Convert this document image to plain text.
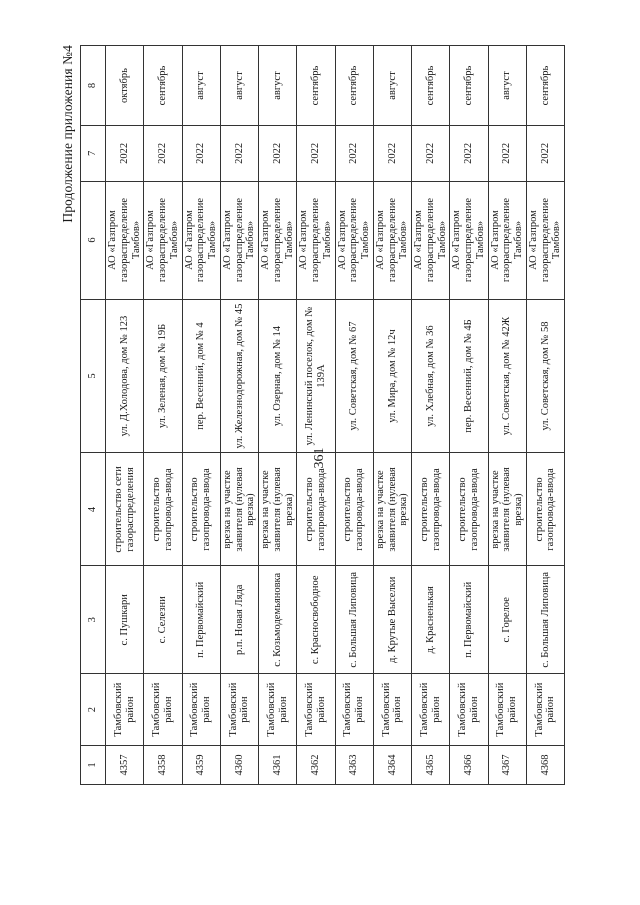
361
Продолжение приложения №4
1	2	3	4	5	6	7	8
4357	Тамбовский район	с. Пушкари	строительство сети газораспределения	ул. Д.Холодова, дом № 123	АО «Газпром газораспределение Тамбов»	2022	октябрь
4358	Тамбовский район	с. Селезни	строительство газопровода-ввода	ул. Зеленая, дом № 19Б	АО «Газпром газораспределение Тамбов»	2022	сентябрь
4359	Тамбовский район	п. Первомайский	строительство газопровода-ввода	пер. Весенний, дом № 4	АО «Газпром газораспределение Тамбов»	2022	август
4360	Тамбовский район	р.п. Новая Ляда	врезка на участке заявителя (нулевая врезка)	ул. Железнодорожная, дом № 45	АО «Газпром газораспределение Тамбов»	2022	август
4361	Тамбовский район	с. Козьмодемьяновка	врезка на участке заявителя (нулевая врезка)	ул. Озерная, дом № 14	АО «Газпром газораспределение Тамбов»	2022	август
4362	Тамбовский район	с. Красносвободное	строительство газопровода-ввода	ул. Ленинский поселок, дом № 139А	АО «Газпром газораспределение Тамбов»	2022	сентябрь
4363	Тамбовский район	с. Большая Липовица	строительство газопровода-ввода	ул. Советская, дом № 67	АО «Газпром газораспределение Тамбов»	2022	сентябрь
4364	Тамбовский район	д. Крутые Выселки	врезка на участке заявителя (нулевая врезка)	ул. Мира, дом № 12ч	АО «Газпром газораспределение Тамбов»	2022	август
4365	Тамбовский район	д. Красненькая	строительство газопровода-ввода	ул. Хлебная, дом № 36	АО «Газпром газораспределение Тамбов»	2022	сентябрь
4366	Тамбовский район	п. Первомайский	строительство газопровода-ввода	пер. Весенний, дом № 4Б	АО «Газпром газораспределение Тамбов»	2022	сентябрь
4367	Тамбовский район	с. Горелое	врезка на участке заявителя (нулевая врезка)	ул. Советская, дом № 42Ж	АО «Газпром газораспределение Тамбов»	2022	август
4368	Тамбовский район	с. Большая Липовица	строительство газопровода-ввода	ул. Советская, дом № 58	АО «Газпром газораспределение Тамбов»	2022	сентябрь
